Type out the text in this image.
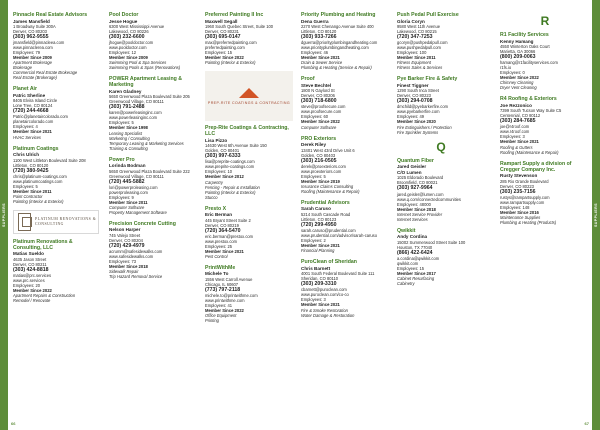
SUPPLIERS	SUPPLIERS
Pinnacle Real Estate Advisors
James Mansfield
1 Broadway Suite 300A
Denver, CO 80203
(303) 962-9555
jmansfield@pinnacleea.com
www.pinnaclerea.com
Employees: 79
Member Since 2009
Apartment Brokerage
Brokerage
Commercial Real Estate Brokerage
Real Estate (Brokerage)
Planet Air
Patric Sherline
8405 Elvira Island Circle
Lone Tree, CO 80124
(720) 244-4668
Patric@planetaircolorado.com
planetaircolorado.com
Employees: 4
Member Since 2021
HVAC Services
Platinum Coatings
Chris Ulrich
1100 West Littleton Boulevard Suite 208
Littleton, CO 80120
(720) 380-9425
chris@platinum-coatings.com
www.platinumcoatings.com
Employees: 5
Member Since 2011
Paint Contractor
Painting (Interior & Exterior)
PLATINUM RENOVATIONS & CONSULTING
Platinum Renovations & Consulting, LLC
Matias Sueldo
4635 Jason Street
Denver, CO 80211
(303) 424-8818
matias@prc.services
www.prc.services
Employees: 20
Member Since 2022
Apartment Repairs & Construction
Remodel / Renovate
Pool Doctor
Jesse Hogue
6300 West Mississippi Avenue
Lakewood, CO 80226
(303) 232-6600
jhogue@pooldoctor.com
www.pooldoctor.com
Employees: 12
Member Since 2009
Swimming Pool & Spa Services
Swimming Pools & Spas (Renovations)
POWER Apartment Leasing & Marketing
Karen Gladney
5650 Greenwood Plaza Boulevard Suite 205
Greenwood Village, CO 80111
(303) 791-2488
karen@powerleasinginc.com
www.powerleasinginc.com
Employees: 5
Member Since 1998
Leasing Specialist
Marketing / Consulting
Temporary Leasing & Marketing Services
Training & Consulting
Power Pro
Lorinda Bodman
5650 Greenwood Plaza Boulevard Suite 222
Greenwood Village, CO 80111
(720) 445-5882
lori@powerproleasing.com
powerproleasing.com
Employees: 9
Member Since 2011
Computer Software
Property Management Software
Precision Concrete Cutting
Nelson Harper
745 Valejo Street
Denver, CO 80204
(720) 429-4979
acrumm@safesidewalks.com
www.safesidewalks.com
Employees: 73
Member Since 2018
Sidewalk Repair
Trip Hazard Removal Service
Preferred Painting II Inc
Maxwell Segall
1960 South Quebec Street, Suite 100
Denver, CO 80231
(303) 695-0147
max@preferredpainting.com
preferredpainting.com
Employees: 15
Member Since 2022
Painting (Interior & Exterior)
PREP-RITE COATINGS & CONTRACTING
Prep-Rite Coatings & Contracting, LLC
Lisa Pizzo
14630 West 6th Avenue Suite 150
Golden, CO 80401
(303) 997-6333
lisa@preprite-coatings.com
www.preprite-coatings.com
Employees: 10
Member Since 2012
Carpentry
Fencing - Repair & Installation
Painting (Interior & Exterior)
Stucco
Presto X
Eric Berman
445 Bryant Street Suite 2
Denver, CO 80219
(720) 364-5470
eric.berman@prestox.com
www.prestox.com
Employees: 25
Member Since 2021
Pest Control
PrintWithMe
Michele To
1556 West Carroll Avenue
Chicago, IL 60607
(773) 797-2118
michele.to@printwithme.com
www.printwithme.com
Employees: 41
Member Since 2022
Office Equipment
Printing
Priority Plumbing and Heating
Dena Guerra
2270 West Chenango Avenue Suite 400
Littleton, CO 80120
(303) 933-7266
dguerra@priorityplumbingandheating.com
www.priorityplumbingandheating.com
Employees: 46
Member Since 2021
Drain & Sewer Service
Plumbing & Heating (Service & Repair)
Proof
Steve Bechtel
1800 N Gaylord St
Denver, CO 80206
(303) 718-6800
steve@proofsecure.com
www.proofsecure.com
Employees: 60
Member Since 2022
Computer Software
PRO Exteriors
Derek Riley
13401 West 43rd Drive Unit 6
Golden, CO 80403
(303) 216-0505
derek@proexteriors.com
www.proexteriors.com
Employees: 5
Member Since 2019
Insurance Claims Consulting
Roofing (Maintenance & Repair)
Prudential Advisors
Sarah Caruso
5214 South Cascade Road
Littleton, CO 80123
(720) 299-4950
sarah.caruso@prudential.com
www.prudential.com/advisor/sarah-caruso
Employees: 2
Member Since 2021
Financial Planning
PuroClean of Sheridan
Chris Barnett
4001 South Federal Boulevard Suite 111
Sheridan, CO 80110
(303) 209-3310
cbarnett@puroclean.com
www.puroclean.com/co-co
Employees: 3
Member Since 2021
Fire & Smoke Restoration
Water Damage & Restoration
Push Pedal Pull Exercise
Gloria Coryn
9580 West 11th Avenue
Lakewood, CO 80215
(720) 347-7253
gcoryn@pushpedalpull.com
www.pushpedalpull.com
Employees: 100
Member Since 2011
Fitness Equipment
Fitness Sales & Services
Pye Barker Fire & Safety
Finest Tiggner
1290 South Inca Street
Denver, CO 80223
(303) 294-0708
dmchild@pyebarkerfire.com
www.pyebarkerfire.com
Employees: 49
Member Since 2020
Fire Extinguishers / Protection
Fire Sprinkler Systems
Q
Quantum Fiber
Jared Geisler
C/O Lumen
1025 Eldorado Boulevard
Broomfield, CO 80021
(303) 927-9964
jared.geisler@lumen.com
www.q.com/connectedcommunities
Employees: 48000
Member Since 2018
Internet Service Provider
Internet Services
Qwikkit
Andy Cordina
15002 Summerwood Street Suite 100
Houston, TX 77040
(866) 422-6424
a.cordina@qwikkit.com
qwikkit.com
Employees: 15
Member Since 2017
Cabinet Resurfacing
Cabinetry
R
R1 Facility Services
Kenny Hamang
4550 Winterton Oaks Court
Marietta, GA 30066
(800) 209-0063
hamang@r1facilityservices.com
r1fs.io
Employees: 0
Member Since 2022
Chimney Cleaning
Dryer Vent Cleaning
R4 Roofing & Exteriors
Joe Rezzonico
7399 South Tucson Way Suite C5
Centennial, CO 80112
(303) 284-7685
joe@r4roof.com
www.r4roof.com
Employees: 3
Member Since 2021
Roofing & Gutters
Roofing (Maintenance & Repair)
Rampart Supply a division of Cregger Company Inc.
Rusty Stevenson
285 Rio Grande Boulevard
Denver, CO 80223
(303) 235-7156
rustys@rampartsupply.com
www.rampartsupply.com
Employees: 148
Member Since 2016
Maintenance Supplies
Plumbing & Heating (Products)
66	67
